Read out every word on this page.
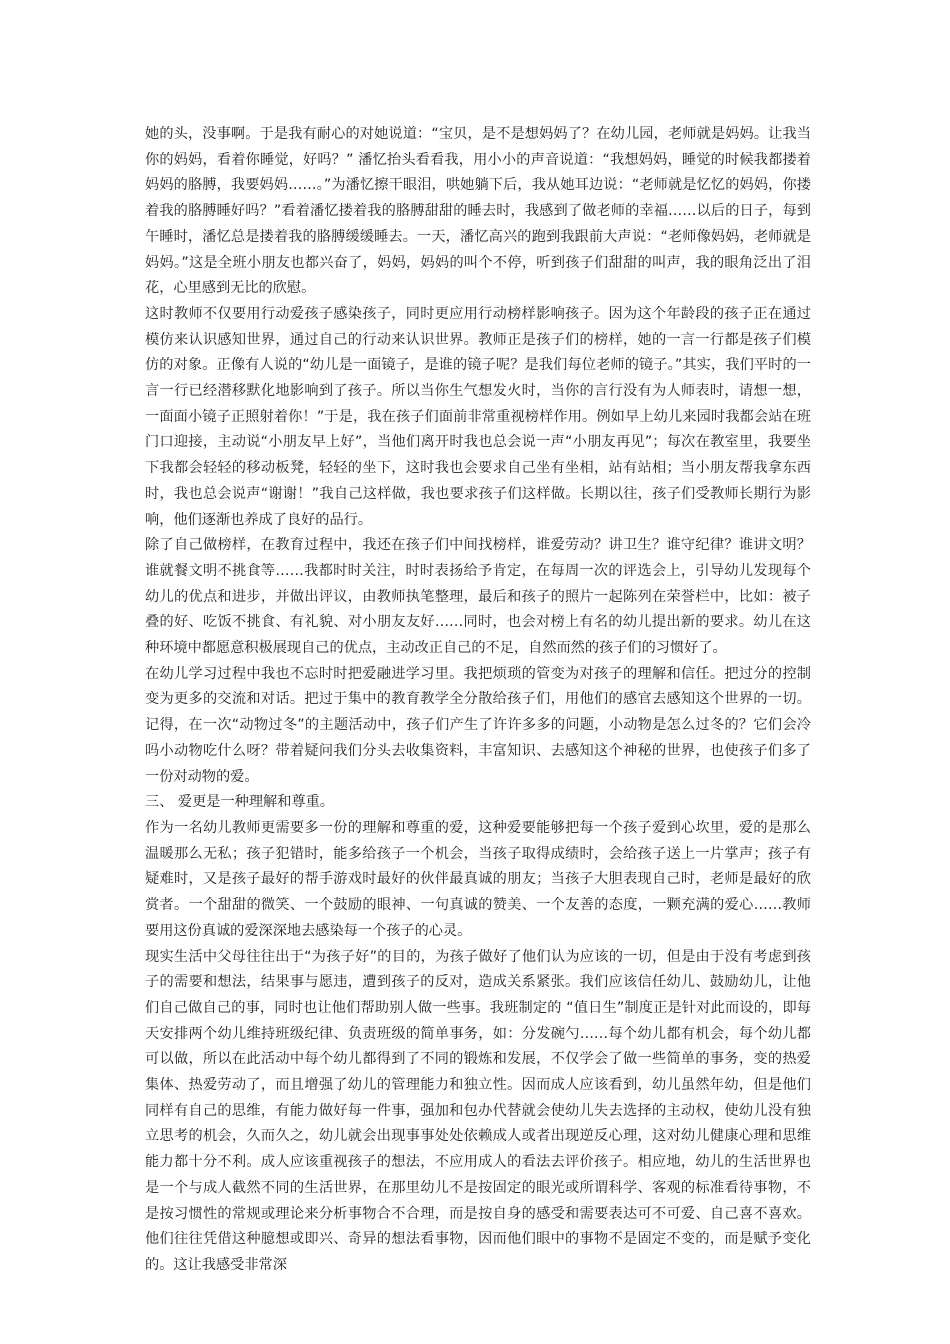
她的头，没事啊。于是我有耐心的对她说道：“宝贝，是不是想妈妈了？在幼儿园，老师就是妈妈。让我当你的妈妈，看着你睡觉，好吗？” 潘忆抬头看看我，用小小的声音说道：“我想妈妈，睡觉的时候我都搂着妈妈的胳膊，我要妈妈……。”为潘忆擦干眼泪，哄她躺下后，我从她耳边说：“老师就是忆忆的妈妈，你搂着我的胳膊睡好吗？”看着潘忆搂着我的胳膊甜甜的睡去时，我感到了做老师的幸福……以后的日子，每到午睡时，潘忆总是搂着我的胳膊缓缓睡去。一天，潘忆高兴的跑到我跟前大声说：“老师像妈妈，老师就是妈妈。”这是全班小朋友也都兴奋了，妈妈，妈妈的叫个不停，听到孩子们甜甜的叫声，我的眼角泛出了泪花，心里感到无比的欣慰。

这时教师不仅要用行动爱孩子感染孩子，同时更应用行动榜样影响孩子。因为这个年龄段的孩子正在通过模仿来认识感知世界，通过自己的行动来认识世界。教师正是孩子们的榜样，她的一言一行都是孩子们模仿的对象。正像有人说的“幼儿是一面镜子，是谁的镜子呢？是我们每位老师的镜子。”其实，我们平时的一言一行已经潜移默化地影响到了孩子。所以当你生气想发火时，当你的言行没有为人师表时，请想一想，一面面小镜子正照射着你！”于是，我在孩子们面前非常重视榜样作用。例如早上幼儿来园时我都会站在班门口迎接，主动说“小朋友早上好”，当他们离开时我也总会说一声“小朋友再见”；每次在教室里，我要坐下我都会轻轻的移动板凳，轻轻的坐下，这时我也会要求自己坐有坐相，站有站相；当小朋友帮我拿东西时，我也总会说声“谢谢！”我自己这样做，我也要求孩子们这样做。长期以往，孩子们受教师长期行为影响，他们逐渐也养成了良好的品行。

除了自己做榜样，在教育过程中，我还在孩子们中间找榜样，谁爱劳动？讲卫生？谁守纪律？谁讲文明？谁就餐文明不挑食等……我都时时关注，时时表扬给予肯定，在每周一次的评选会上，引导幼儿发现每个幼儿的优点和进步，并做出评议，由教师执笔整理，最后和孩子的照片一起陈列在荣誉栏中，比如：被子叠的好、吃饭不挑食、有礼貌、对小朋友友好……同时，也会对榜上有名的幼儿提出新的要求。幼儿在这种环境中都愿意积极展现自己的优点，主动改正自己的不足，自然而然的孩子们的习惯好了。

在幼儿学习过程中我也不忘时时把爱融进学习里。我把烦琐的管变为对孩子的理解和信任。把过分的控制变为更多的交流和对话。把过于集中的教育教学全分散给孩子们，用他们的感官去感知这个世界的一切。记得，在一次“动物过冬”的主题活动中，孩子们产生了许许多多的问题，小动物是怎么过冬的？它们会冷吗小动物吃什么呀？带着疑问我们分头去收集资料，丰富知识、去感知这个神秘的世界，也使孩子们多了一份对动物的爱。

三、 爱更是一种理解和尊重。

作为一名幼儿教师更需要多一份的理解和尊重的爱，这种爱要能够把每一个孩子爱到心坎里，爱的是那么温暖那么无私；孩子犯错时，能多给孩子一个机会，当孩子取得成绩时，会给孩子送上一片掌声；孩子有疑难时，又是孩子最好的帮手游戏时最好的伙伴最真诚的朋友；当孩子大胆表现自己时，老师是最好的欣赏者。一个甜甜的微笑、一个鼓励的眼神、一句真诚的赞美、一个友善的态度，一颗充满的爱心……教师要用这份真诚的爱深深地去感染每一个孩子的心灵。

现实生活中父母往往出于“为孩子好”的目的，为孩子做好了他们认为应该的一切，但是由于没有考虑到孩子的需要和想法，结果事与愿违，遭到孩子的反对，造成关系紧张。我们应该信任幼儿、鼓励幼儿，让他们自己做自己的事，同时也让他们帮助别人做一些事。我班制定的 “值日生”制度正是针对此而设的，即每天安排两个幼儿维持班级纪律、负责班级的简单事务，如：分发碗勺……每个幼儿都有机会，每个幼儿都可以做，所以在此活动中每个幼儿都得到了不同的锻炼和发展，不仅学会了做一些简单的事务，变的热爱集体、热爱劳动了，而且增强了幼儿的管理能力和独立性。因而成人应该看到，幼儿虽然年幼，但是他们同样有自己的思维，有能力做好每一件事，强加和包办代替就会使幼儿失去选择的主动权，使幼儿没有独立思考的机会，久而久之，幼儿就会出现事事处处依赖成人或者出现逆反心理，这对幼儿健康心理和思维能力都十分不利。成人应该重视孩子的想法，不应用成人的看法去评价孩子。相应地，幼儿的生活世界也是一个与成人截然不同的生活世界，在那里幼儿不是按固定的眼光或所谓科学、客观的标准看待事物，不是按习惯性的常规或理论来分析事物合不合理，而是按自身的感受和需要表达可不可爱、自己喜不喜欢。他们往往凭借这种臆想或即兴、奇异的想法看事物，因而他们眼中的事物不是固定不变的，而是赋予变化的。这让我感受非常深
